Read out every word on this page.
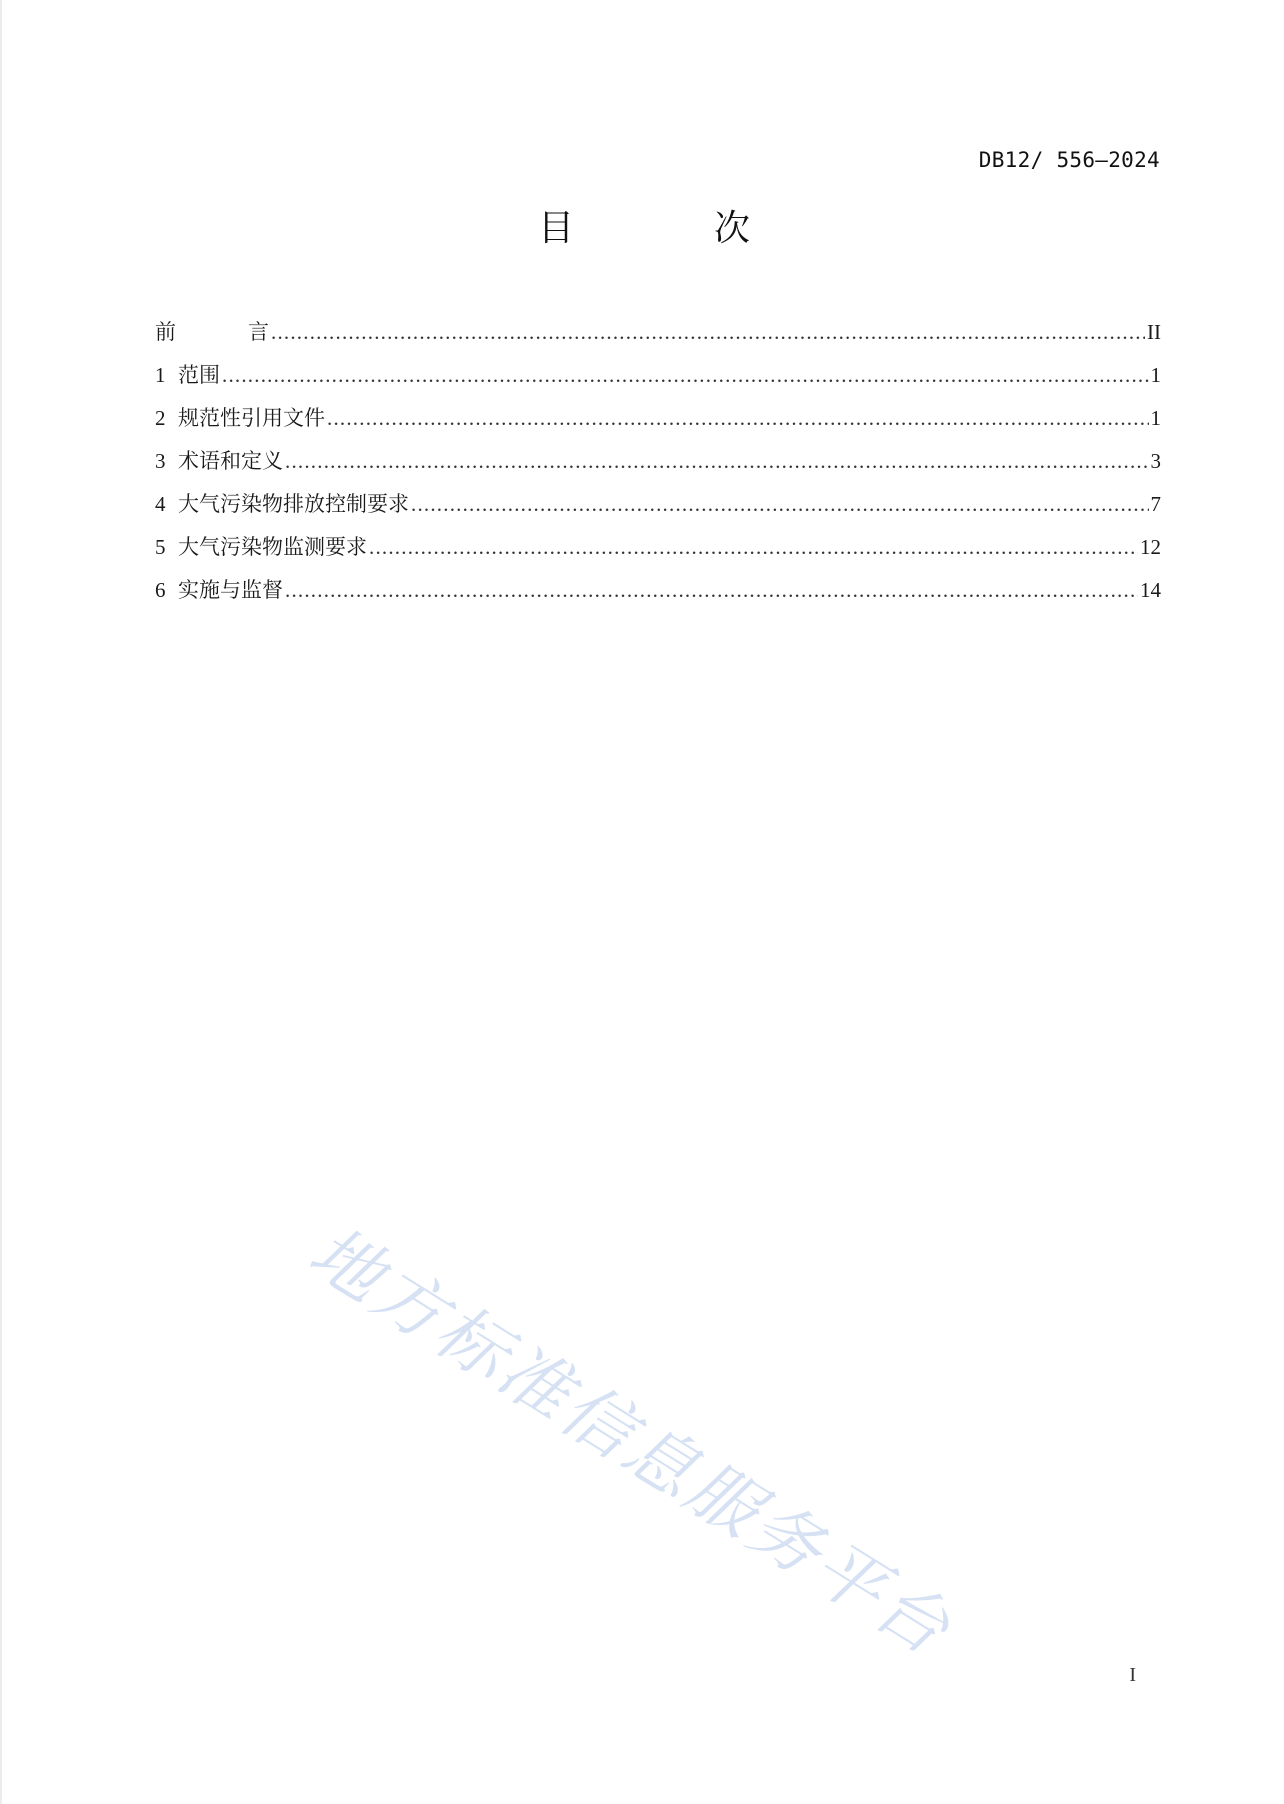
DB12/ 556—2024
目　次
前 言 .....	II
1 范围 .....	1
2 规范性引用文件 .....	1
3 术语和定义 .....	3
4 大气污染物排放控制要求 .....	7
5 大气污染物监测要求 .....	12
6 实施与监督 .....	14
地方标准信息服务平台
I
